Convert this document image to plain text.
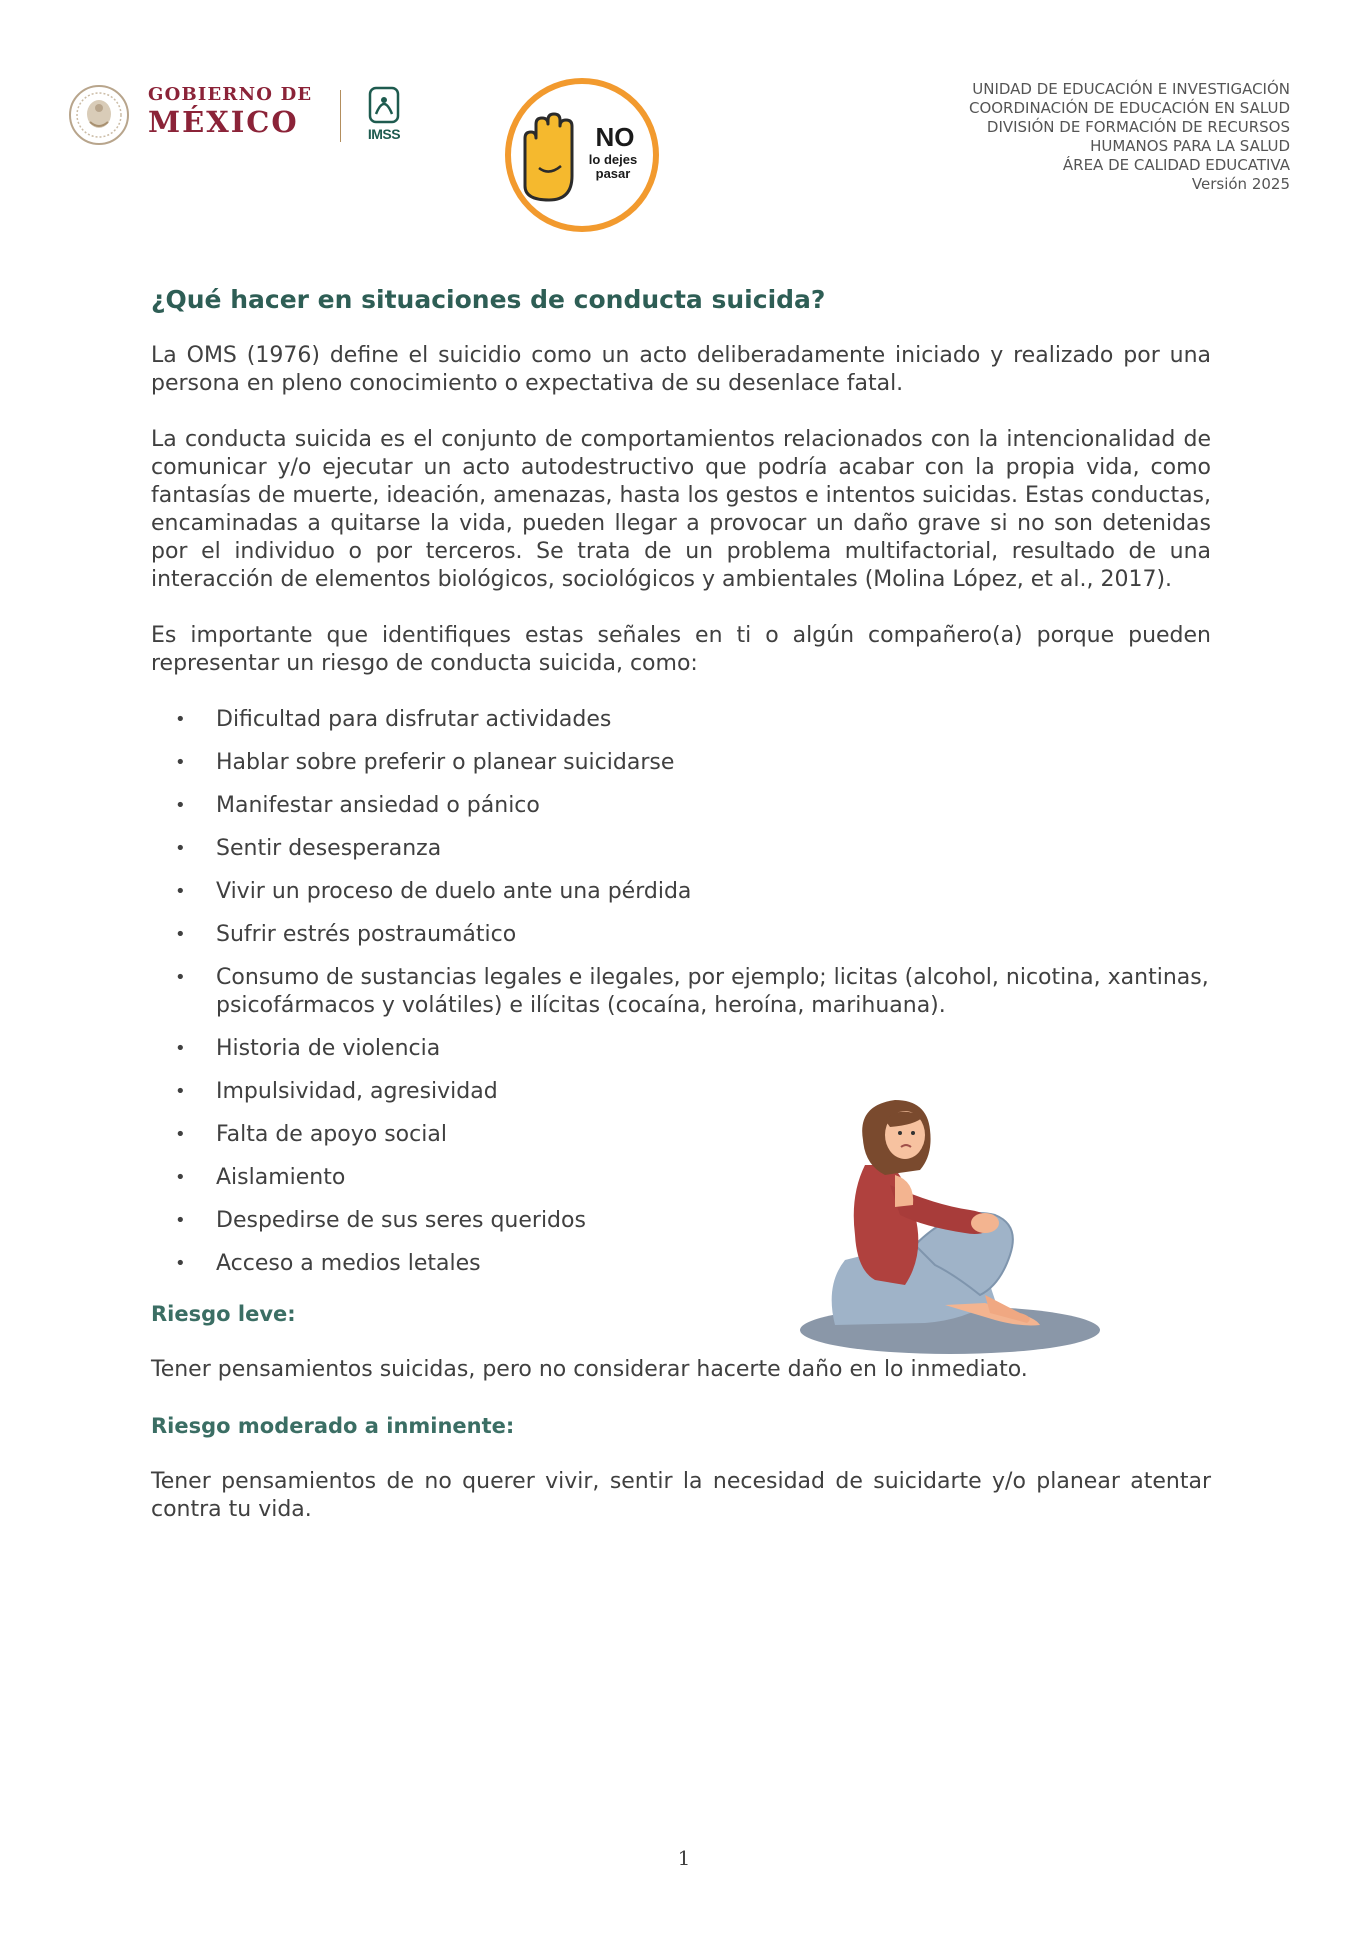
GOBIERNO DE
MÉXICO	IMSS	NO
lo dejes
pasar
UNIDAD DE EDUCACIÓN E INVESTIGACIÓN
COORDINACIÓN DE EDUCACIÓN EN SALUD
DIVISIÓN DE FORMACIÓN DE RECURSOS
HUMANOS PARA LA SALUD
ÁREA DE CALIDAD EDUCATIVA
Versión 2025
¿Qué hacer en situaciones de conducta suicida?

La OMS (1976) define el suicidio como un acto deliberadamente iniciado y realizado por una persona en pleno conocimiento o expectativa de su desenlace fatal.

La conducta suicida es el conjunto de comportamientos relacionados con la intencionalidad de comunicar y/o ejecutar un acto autodestructivo que podría acabar con la propia vida, como fantasías de muerte, ideación, amenazas, hasta los gestos e intentos suicidas. Estas conductas, encaminadas a quitarse la vida, pueden llegar a provocar un daño grave si no son detenidas por el individuo o por terceros. Se trata de un problema multifactorial, resultado de una interacción de elementos biológicos, sociológicos y ambientales (Molina López, et al., 2017).

Es importante que identifiques estas señales en ti o algún compañero(a) porque pueden representar un riesgo de conducta suicida, como:

• Dificultad para disfrutar actividades
• Hablar sobre preferir o planear suicidarse
• Manifestar ansiedad o pánico
• Sentir desesperanza
• Vivir un proceso de duelo ante una pérdida
• Sufrir estrés postraumático
• Consumo de sustancias legales e ilegales, por ejemplo; licitas (alcohol, nicotina, xantinas, psicofármacos y volátiles) e ilícitas (cocaína, heroína, marihuana).
• Historia de violencia
• Impulsividad, agresividad
• Falta de apoyo social
• Aislamiento
• Despedirse de sus seres queridos
• Acceso a medios letales
Riesgo leve:

Tener pensamientos suicidas, pero no considerar hacerte daño en lo inmediato.

Riesgo moderado a inminente:

Tener pensamientos de no querer vivir, sentir la necesidad de suicidarte y/o planear atentar contra tu vida.

1
